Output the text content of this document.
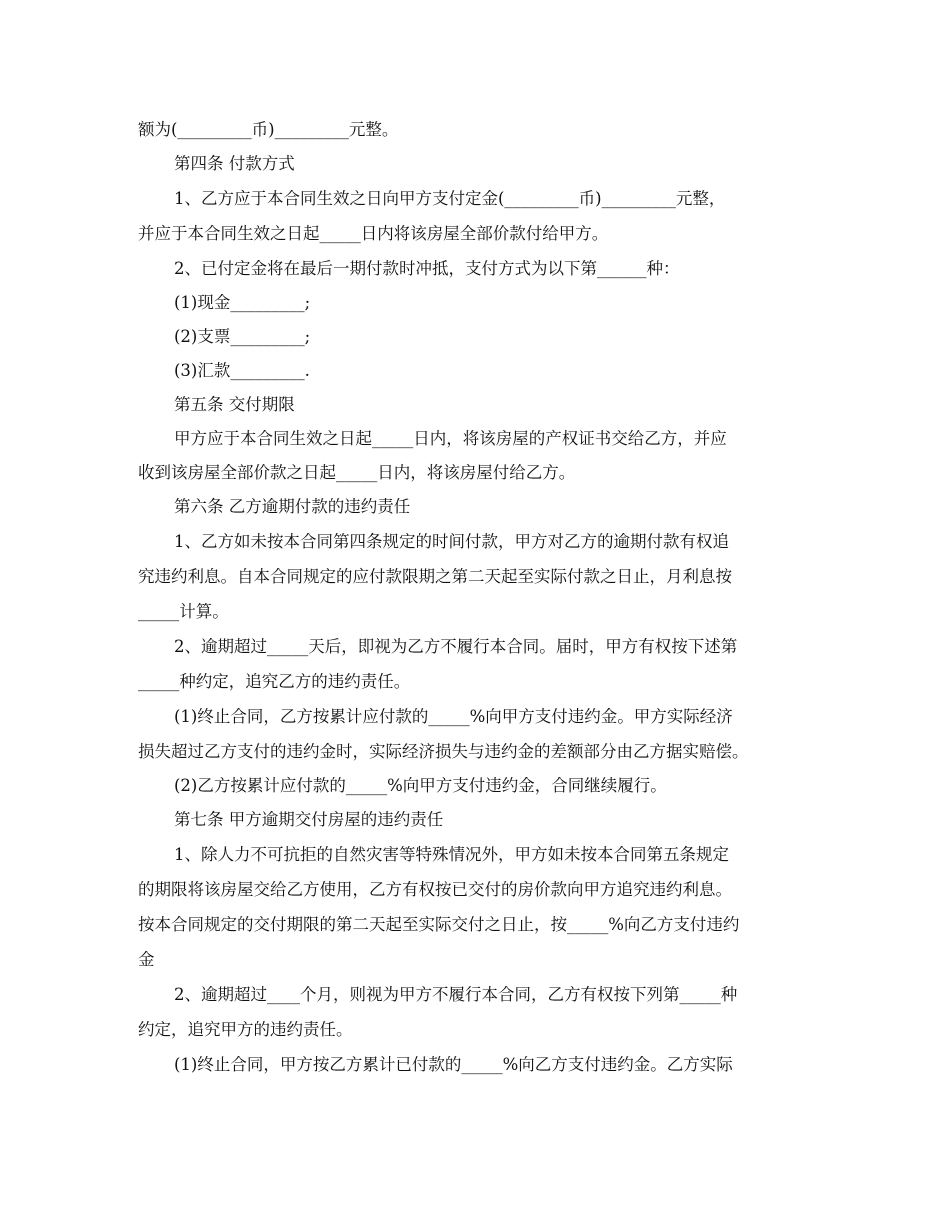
额为(_________币)_________元整。
第四条 付款方式
1、乙方应于本合同生效之日向甲方支付定金(_________币)_________元整，
并应于本合同生效之日起_____日内将该房屋全部价款付给甲方。
2、已付定金将在最后一期付款时冲抵，支付方式为以下第______种：
(1)现金_________;
(2)支票_________;
(3)汇款_________.
第五条 交付期限
甲方应于本合同生效之日起_____日内，将该房屋的产权证书交给乙方，并应
收到该房屋全部价款之日起_____日内，将该房屋付给乙方。
第六条 乙方逾期付款的违约责任
1、乙方如未按本合同第四条规定的时间付款，甲方对乙方的逾期付款有权追
究违约利息。自本合同规定的应付款限期之第二天起至实际付款之日止，月利息按
_____计算。
2、逾期超过_____天后，即视为乙方不履行本合同。届时，甲方有权按下述第
_____种约定，追究乙方的违约责任。
(1)终止合同，乙方按累计应付款的_____%向甲方支付违约金。甲方实际经济
损失超过乙方支付的违约金时，实际经济损失与违约金的差额部分由乙方据实赔偿。
(2)乙方按累计应付款的_____%向甲方支付违约金，合同继续履行。
第七条 甲方逾期交付房屋的违约责任
1、除人力不可抗拒的自然灾害等特殊情况外，甲方如未按本合同第五条规定
的期限将该房屋交给乙方使用，乙方有权按已交付的房价款向甲方追究违约利息。
按本合同规定的交付期限的第二天起至实际交付之日止，按_____%向乙方支付违约
金
2、逾期超过____个月，则视为甲方不履行本合同，乙方有权按下列第_____种
约定，追究甲方的违约责任。
(1)终止合同，甲方按乙方累计已付款的_____%向乙方支付违约金。乙方实际
